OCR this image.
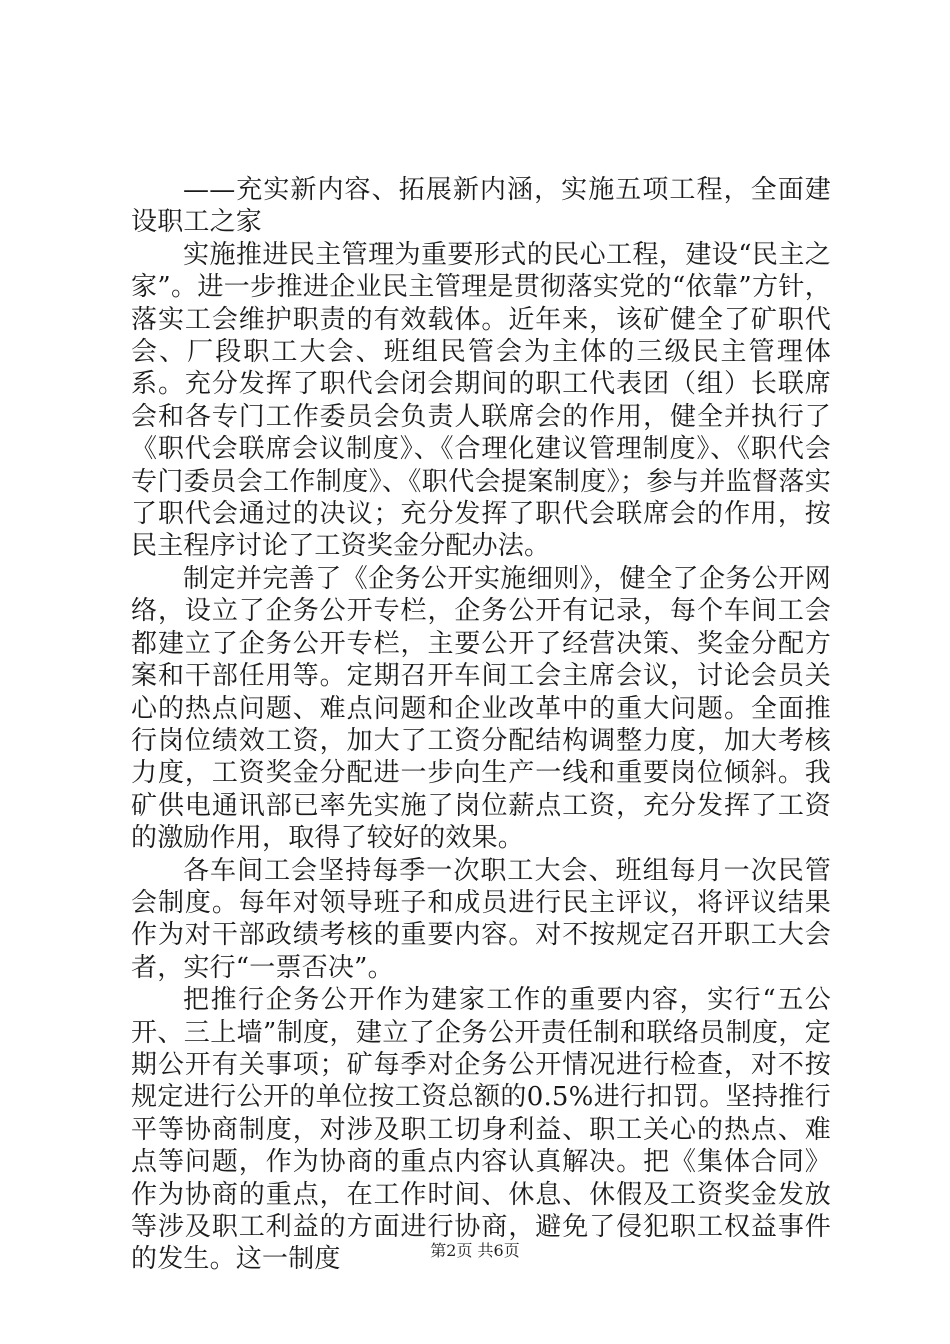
——充实新内容、拓展新内涵，实施五项工程，全面建设职工之家

实施推进民主管理为重要形式的民心工程，建设“民主之家”。进一步推进企业民主管理是贯彻落实党的“依靠”方针，落实工会维护职责的有效载体。近年来，该矿健全了矿职代会、厂段职工大会、班组民管会为主体的三级民主管理体系。充分发挥了职代会闭会期间的职工代表团（组）长联席会和各专门工作委员会负责人联席会的作用，健全并执行了《职代会联席会议制度》、《合理化建议管理制度》、《职代会专门委员会工作制度》、《职代会提案制度》；参与并监督落实了职代会通过的决议；充分发挥了职代会联席会的作用，按民主程序讨论了工资奖金分配办法。

制定并完善了《企务公开实施细则》，健全了企务公开网络，设立了企务公开专栏，企务公开有记录，每个车间工会都建立了企务公开专栏，主要公开了经营决策、奖金分配方案和干部任用等。定期召开车间工会主席会议，讨论会员关心的热点问题、难点问题和企业改革中的重大问题。全面推行岗位绩效工资，加大了工资分配结构调整力度，加大考核力度，工资奖金分配进一步向生产一线和重要岗位倾斜。我矿供电通讯部已率先实施了岗位薪点工资，充分发挥了工资的激励作用，取得了较好的效果。

各车间工会坚持每季一次职工大会、班组每月一次民管会制度。每年对领导班子和成员进行民主评议，将评议结果作为对干部政绩考核的重要内容。对不按规定召开职工大会者，实行“一票否决”。

把推行企务公开作为建家工作的重要内容，实行“五公开、三上墙”制度，建立了企务公开责任制和联络员制度，定期公开有关事项；矿每季对企务公开情况进行检查，对不按规定进行公开的单位按工资总额的0.5%进行扣罚。坚持推行平等协商制度，对涉及职工切身利益、职工关心的热点、难点等问题，作为协商的重点内容认真解决。把《集体合同》作为协商的重点，在工作时间、休息、休假及工资奖金发放等涉及职工利益的方面进行协商，避免了侵犯职工权益事件的发生。这一制度	第2页 共6页
